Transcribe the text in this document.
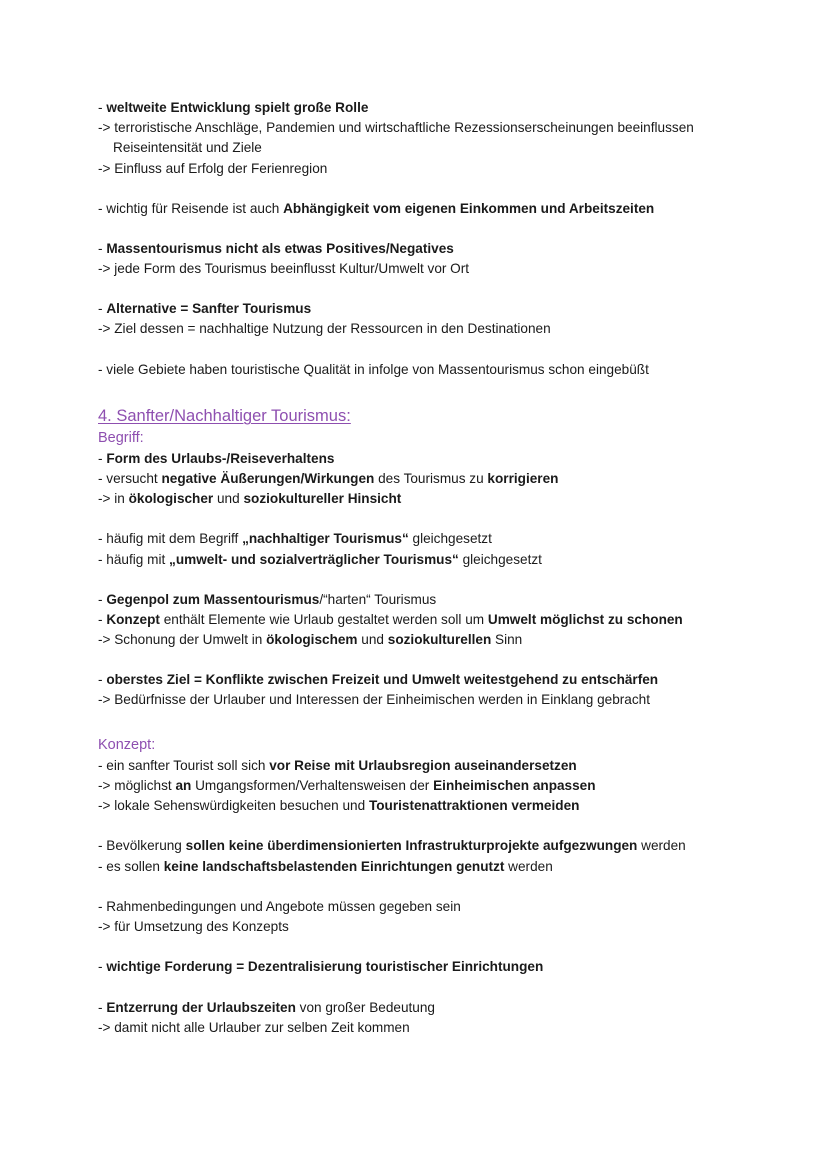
- weltweite Entwicklung spielt große Rolle
-> terroristische Anschläge, Pandemien und wirtschaftliche Rezessionserscheinungen beeinflussen
Reiseintensität und Ziele
-> Einfluss auf Erfolg der Ferienregion
- wichtig für Reisende ist auch Abhängigkeit vom eigenen Einkommen und Arbeitszeiten
- Massentourismus nicht als etwas Positives/Negatives
-> jede Form des Tourismus beeinflusst Kultur/Umwelt vor Ort
- Alternative = Sanfter Tourismus
-> Ziel dessen = nachhaltige Nutzung der Ressourcen in den Destinationen
- viele Gebiete haben touristische Qualität in infolge von Massentourismus schon eingebüßt
4. Sanfter/Nachhaltiger Tourismus:
Begriff:
- Form des Urlaubs-/Reiseverhaltens
- versucht negative Äußerungen/Wirkungen des Tourismus zu korrigieren
-> in ökologischer und soziokultureller Hinsicht
- häufig mit dem Begriff „nachhaltiger Tourismus“ gleichgesetzt
- häufig mit „umwelt- und sozialverträglicher Tourismus“ gleichgesetzt
- Gegenpol zum Massentourismus/“harten“ Tourismus
- Konzept enthält Elemente wie Urlaub gestaltet werden soll um Umwelt möglichst zu schonen
-> Schonung der Umwelt in ökologischem und soziokulturellen Sinn
- oberstes Ziel = Konflikte zwischen Freizeit und Umwelt weitestgehend zu entschärfen
-> Bedürfnisse der Urlauber und Interessen der Einheimischen werden in Einklang gebracht
Konzept:
- ein sanfter Tourist soll sich vor Reise mit Urlaubsregion auseinandersetzen
-> möglichst an Umgangsformen/Verhaltensweisen der Einheimischen anpassen
-> lokale Sehenswürdigkeiten besuchen und Touristenattraktionen vermeiden
- Bevölkerung sollen keine überdimensionierten Infrastrukturprojekte aufgezwungen werden
- es sollen keine landschaftsbelastenden Einrichtungen genutzt werden
- Rahmenbedingungen und Angebote müssen gegeben sein
-> für Umsetzung des Konzepts
- wichtige Forderung = Dezentralisierung touristischer Einrichtungen
- Entzerrung der Urlaubszeiten von großer Bedeutung
-> damit nicht alle Urlauber zur selben Zeit kommen
